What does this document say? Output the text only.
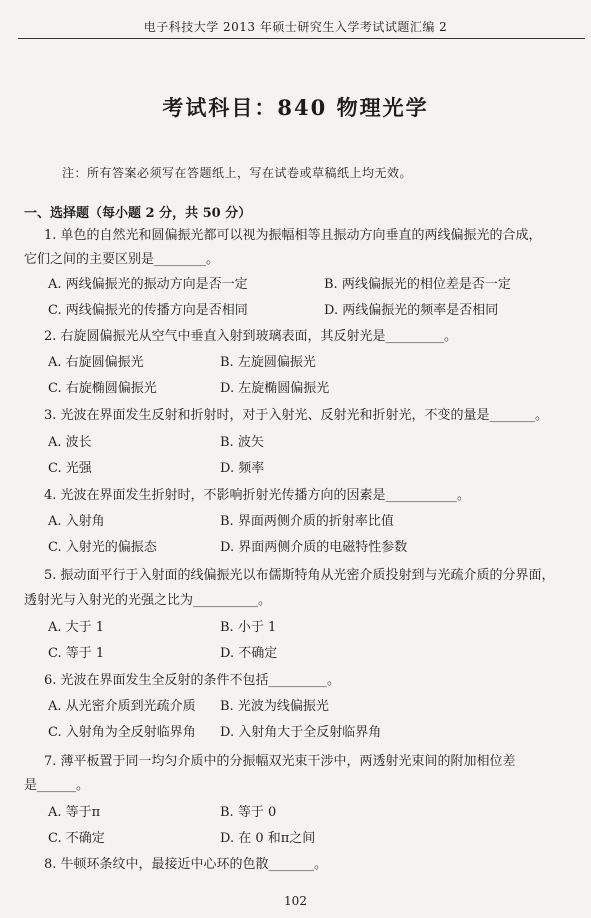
电子科技大学 2013 年硕士研究生入学考试试题汇编 2
考试科目：840 物理光学
注：所有答案必须写在答题纸上，写在试卷或草稿纸上均无效。
一、选择题（每小题 2 分，共 50 分）
1. 单色的自然光和圆偏振光都可以视为振幅相等且振动方向垂直的两线偏振光的合成，
它们之间的主要区别是________。
A. 两线偏振光的振动方向是否一定	B. 两线偏振光的相位差是否一定
C. 两线偏振光的传播方向是否相同	D. 两线偏振光的频率是否相同
2. 右旋圆偏振光从空气中垂直入射到玻璃表面，其反射光是_________。
A. 右旋圆偏振光	B. 左旋圆偏振光
C. 右旋椭圆偏振光	D. 左旋椭圆偏振光
3. 光波在界面发生反射和折射时，对于入射光、反射光和折射光，不变的量是_______。
A. 波长	B. 波矢
C. 光强	D. 频率
4. 光波在界面发生折射时，不影响折射光传播方向的因素是___________。
A. 入射角	B. 界面两侧介质的折射率比值
C. 入射光的偏振态	D. 界面两侧介质的电磁特性参数
5. 振动面平行于入射面的线偏振光以布儒斯特角从光密介质投射到与光疏介质的分界面，
透射光与入射光的光强之比为__________。
A. 大于 1	B. 小于 1
C. 等于 1	D. 不确定
6. 光波在界面发生全反射的条件不包括_________。
A. 从光密介质到光疏介质 B. 光波为线偏振光
C. 入射角为全反射临界角 D. 入射角大于全反射临界角
7. 薄平板置于同一均匀介质中的分振幅双光束干涉中，两透射光束间的附加相位差
是______。
A. 等于π	B. 等于 0
C. 不确定	D. 在 0 和π之间
8. 牛顿环条纹中，最接近中心环的色散_______。
102
